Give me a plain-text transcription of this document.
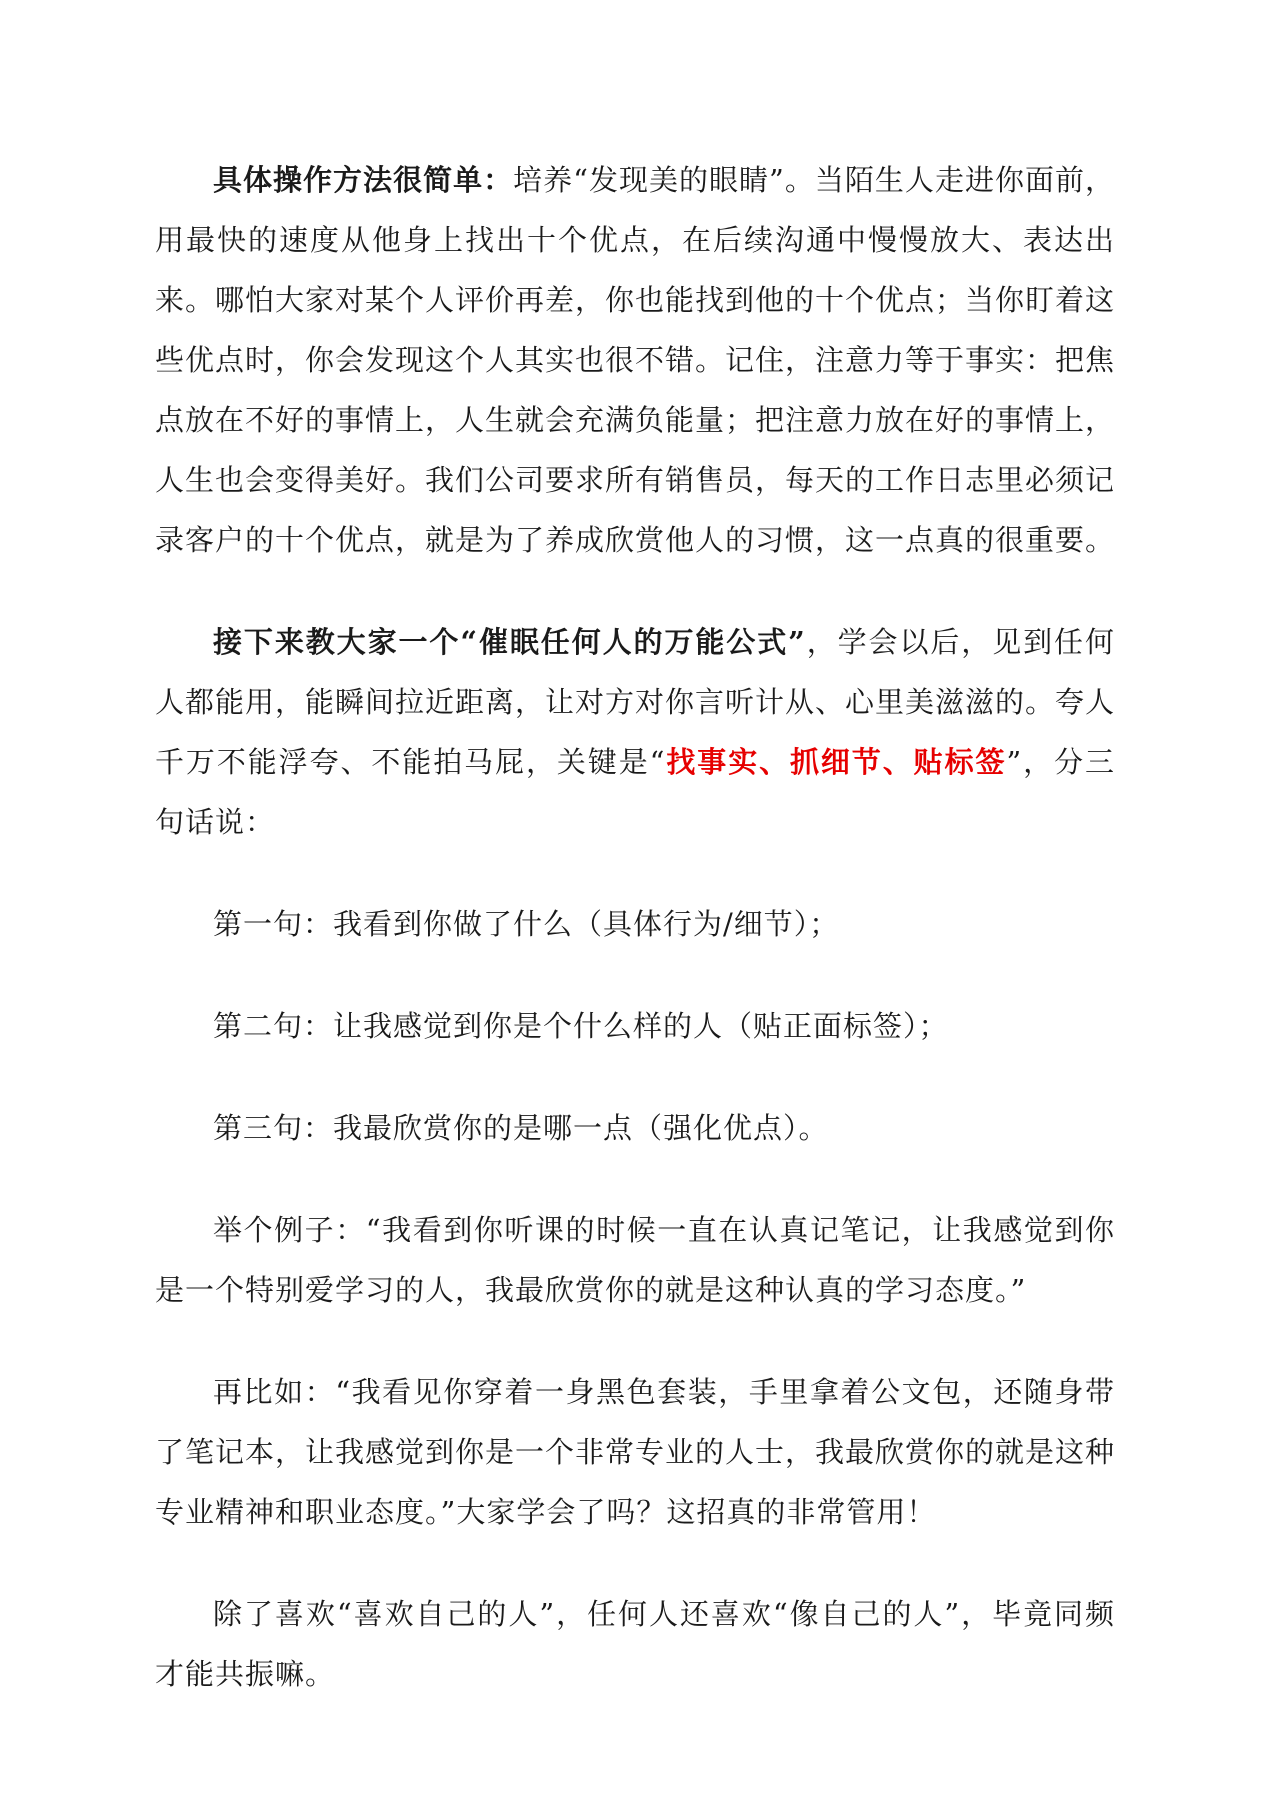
具体操作方法很简单：培养“发现美的眼睛”。当陌生人走进你面前，用最快的速度从他身上找出十个优点，在后续沟通中慢慢放大、表达出来。哪怕大家对某个人评价再差，你也能找到他的十个优点；当你盯着这些优点时，你会发现这个人其实也很不错。记住，注意力等于事实：把焦点放在不好的事情上，人生就会充满负能量；把注意力放在好的事情上，人生也会变得美好。我们公司要求所有销售员，每天的工作日志里必须记录客户的十个优点，就是为了养成欣赏他人的习惯，这一点真的很重要。

接下来教大家一个“催眠任何人的万能公式”，学会以后，见到任何人都能用，能瞬间拉近距离，让对方对你言听计从、心里美滋滋的。夸人千万不能浮夸、不能拍马屁，关键是“找事实、抓细节、贴标签”，分三句话说：

第一句：我看到你做了什么（具体行为/细节）；

第二句：让我感觉到你是个什么样的人（贴正面标签）；

第三句：我最欣赏你的是哪一点（强化优点）。

举个例子：“我看到你听课的时候一直在认真记笔记，让我感觉到你是一个特别爱学习的人，我最欣赏你的就是这种认真的学习态度。”

再比如：“我看见你穿着一身黑色套装，手里拿着公文包，还随身带了笔记本，让我感觉到你是一个非常专业的人士，我最欣赏你的就是这种专业精神和职业态度。”大家学会了吗？这招真的非常管用！

除了喜欢“喜欢自己的人”，任何人还喜欢“像自己的人”，毕竟同频才能共振嘛。
